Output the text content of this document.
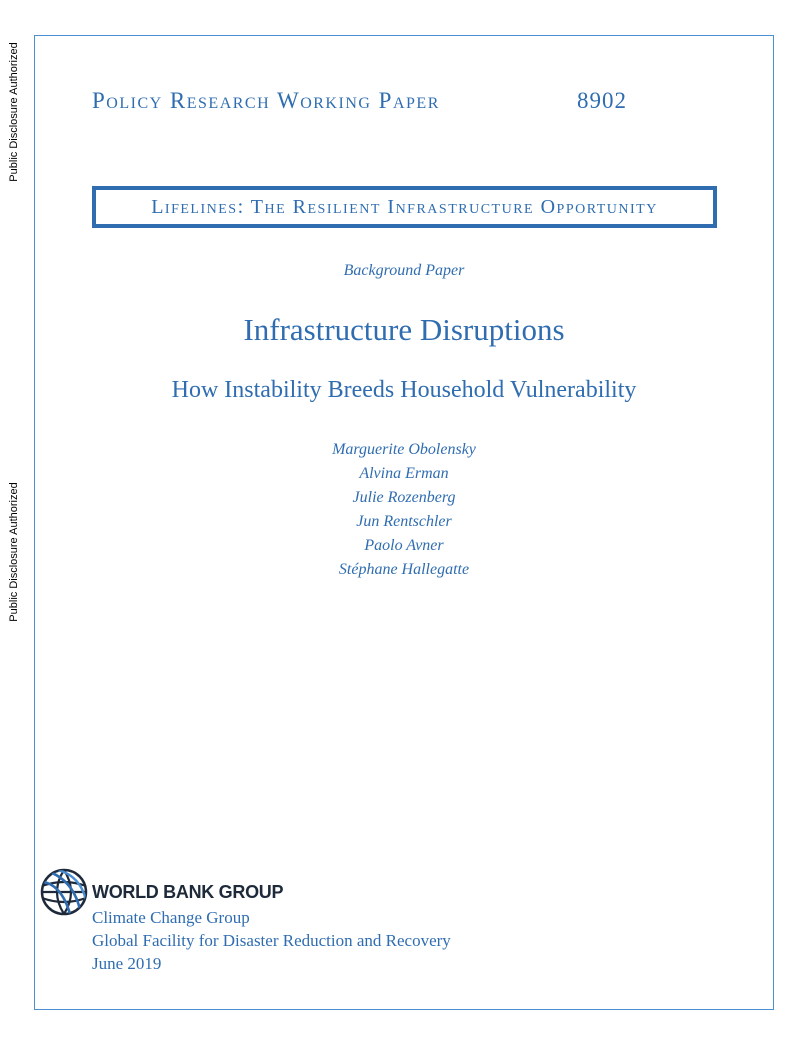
Public Disclosure Authorized
Public Disclosure Authorized
Policy Research Working Paper	8902
Lifelines: The Resilient Infrastructure Opportunity
Background Paper
Infrastructure Disruptions
How Instability Breeds Household Vulnerability
Marguerite Obolensky
Alvina Erman
Julie Rozenberg
Jun Rentschler
Paolo Avner
Stéphane Hallegatte
WORLD BANK GROUP
Climate Change Group
Global Facility for Disaster Reduction and Recovery
June 2019
